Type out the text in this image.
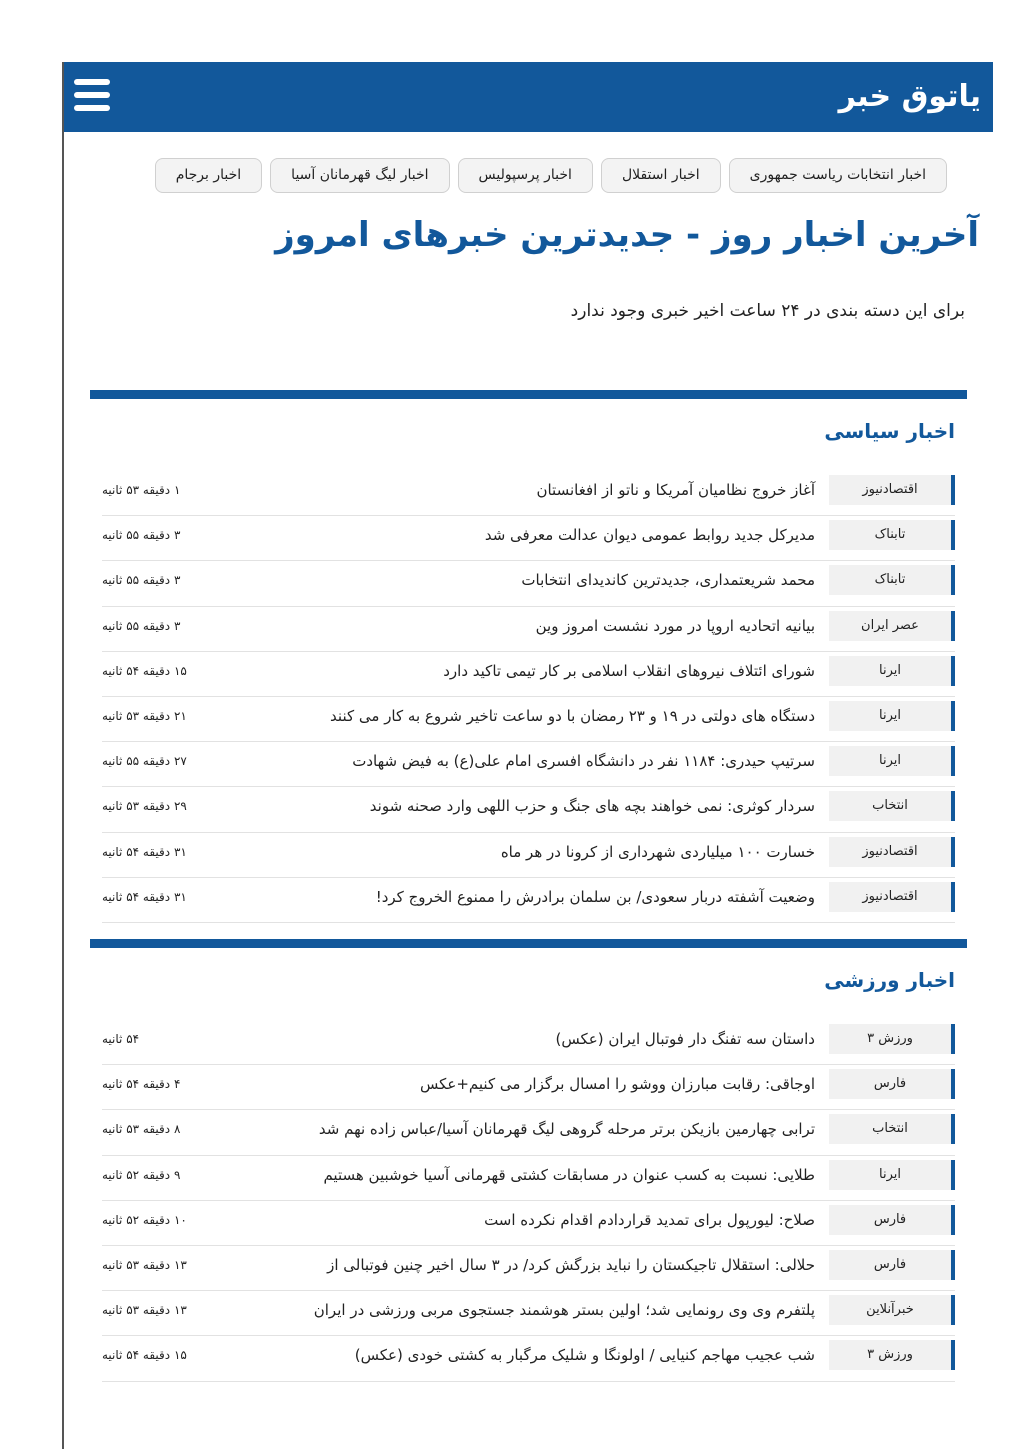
یاتوق خبر
اخبار انتخابات ریاست جمهوری
اخبار استقلال
اخبار پرسپولیس
اخبار لیگ قهرمانان آسیا
اخبار برجام
آخرین اخبار روز - جدیدترین خبرهای امروز

برای این دسته بندی در ۲۴ ساعت اخیر خبری وجود ندارد

اخبار سیاسی
اقتصادنیوز
آغاز خروج نظامیان آمریکا و ناتو از افغانستان
۱ دقیقه ۵۳ ثانیه
تابناک
مدیرکل جدید روابط عمومی دیوان عدالت معرفی شد
۳ دقیقه ۵۵ ثانیه
تابناک
محمد شریعتمداری، جدیدترین کاندیدای انتخابات
۳ دقیقه ۵۵ ثانیه
عصر ایران
بیانیه اتحادیه اروپا در مورد نشست امروز وین
۳ دقیقه ۵۵ ثانیه
ایرنا
شورای ائتلاف نیروهای انقلاب اسلامی بر کار تیمی تاکید دارد
۱۵ دقیقه ۵۴ ثانیه
ایرنا
دستگاه های دولتی در ۱۹ و ۲۳ رمضان با دو ساعت تاخیر شروع به کار می کنند
۲۱ دقیقه ۵۳ ثانیه
ایرنا
سرتیپ حیدری: ۱۱۸۴ نفر در دانشگاه افسری امام علی(ع) به فیض شهادت
۲۷ دقیقه ۵۵ ثانیه
انتخاب
سردار کوثری: نمی خواهند بچه های جنگ و حزب اللهی وارد صحنه شوند
۲۹ دقیقه ۵۳ ثانیه
اقتصادنیوز
خسارت ۱۰۰ میلیاردی شهرداری از کرونا در هر ماه
۳۱ دقیقه ۵۴ ثانیه
اقتصادنیوز
وضعیت آشفته دربار سعودی/ بن سلمان برادرش را ممنوع الخروج کرد!
۳۱ دقیقه ۵۴ ثانیه
اخبار ورزشی
ورزش ۳
داستان سه تفنگ دار فوتبال ایران (عکس)
۵۴ ثانیه
فارس
اوجاقی: رقابت مبارزان ووشو را امسال برگزار می کنیم+عکس
۴ دقیقه ۵۴ ثانیه
انتخاب
ترابی چهارمین بازیکن برتر مرحله گروهی لیگ قهرمانان آسیا/عباس زاده نهم شد
۸ دقیقه ۵۳ ثانیه
ایرنا
طلایی: نسبت به کسب عنوان در مسابقات کشتی قهرمانی آسیا خوشبین هستیم
۹ دقیقه ۵۲ ثانیه
فارس
صلاح: لیورپول برای تمدید قراردادم اقدام نکرده است
۱۰ دقیقه ۵۲ ثانیه
فارس
حلالی: استقلال تاجیکستان را نباید بزرگش کرد/ در ۳ سال اخیر چنین فوتبالی از
۱۳ دقیقه ۵۳ ثانیه
خبرآنلاین
پلتفرم وی وی رونمایی شد؛ اولین بستر هوشمند جستجوی مربی ورزشی در ایران
۱۳ دقیقه ۵۳ ثانیه
ورزش ۳
شب عجیب مهاجم کنیایی / اولونگا و شلیک مرگبار به کشتی خودی (عکس)
۱۵ دقیقه ۵۴ ثانیه
